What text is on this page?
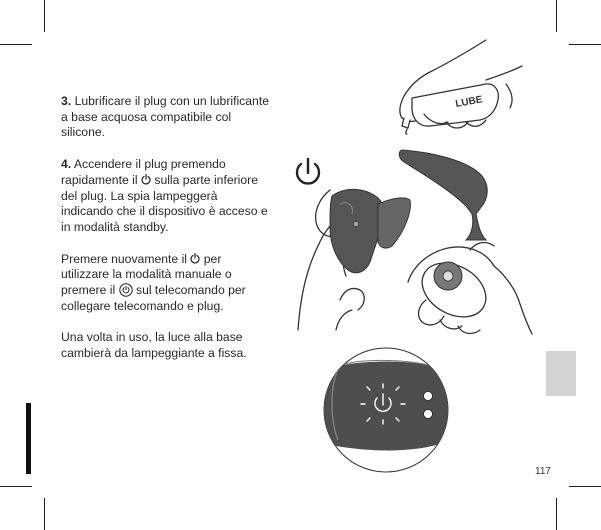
3. Lubrificare il plug con un lubrificante a base acquosa compatibile col silicone.

4. Accendere il plug premendo rapidamente il sulla parte inferiore del plug. La spia lampeggerà indicando che il dispositivo è acceso e in modalità standby.

Premere nuovamente il per utilizzare la modalità manuale o premere il sul telecomando per collegare telecomando e plug.

Una volta in uso, la luce alla base cambierà da lampeggiante a fissa.

LUBE
117
